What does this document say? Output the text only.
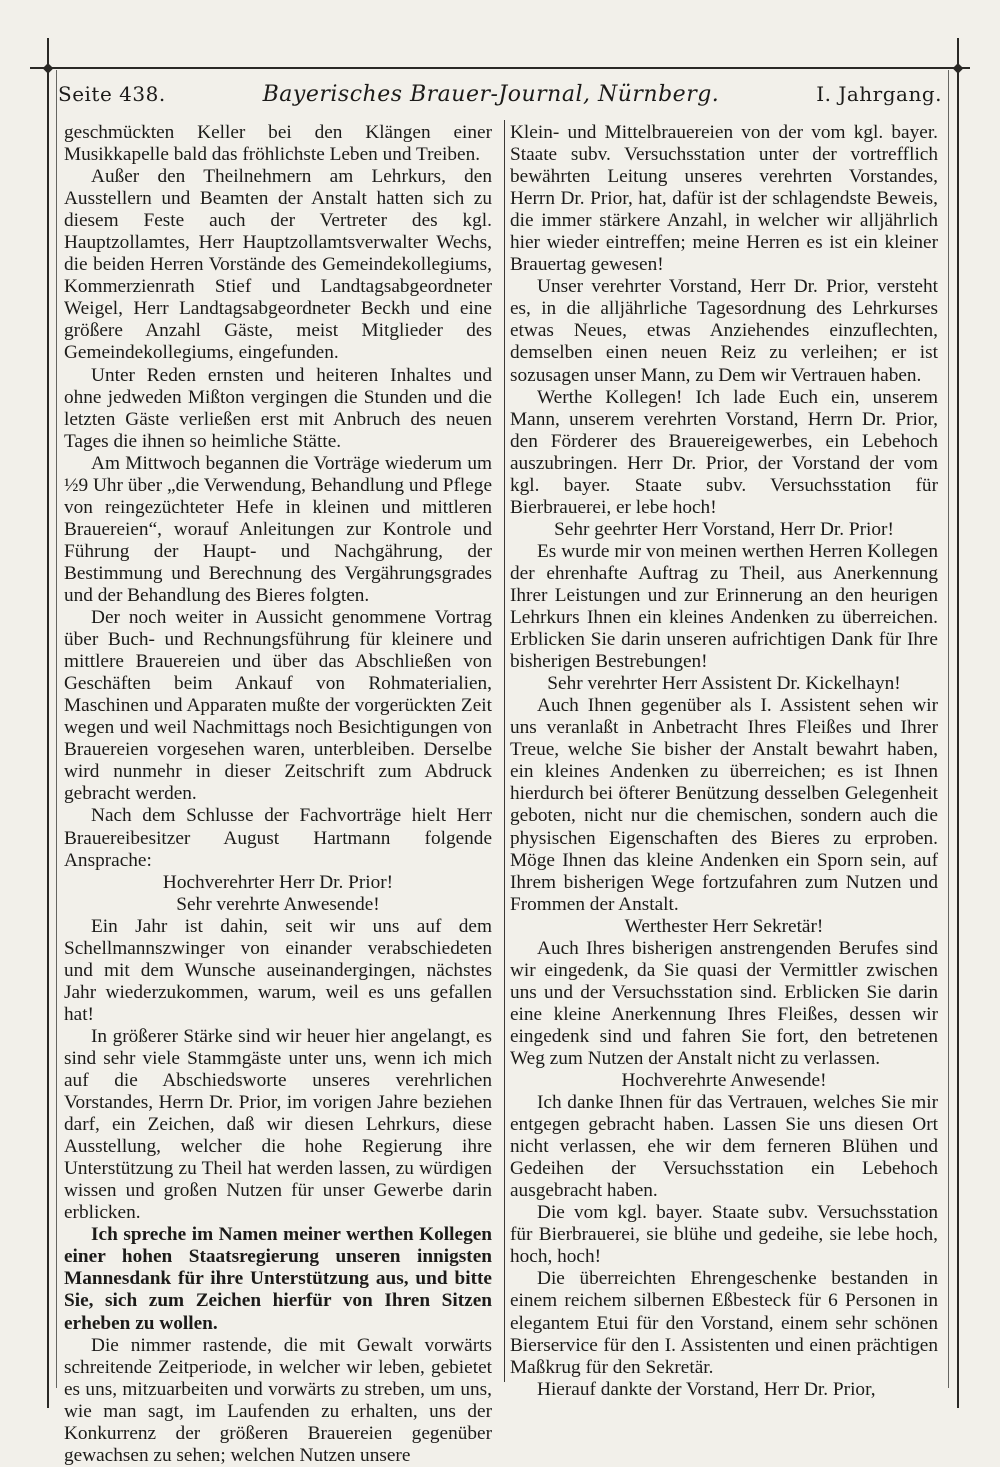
◆	◆
Seite 438.	Bayerisches Brauer-Journal, Nürnberg.	I. Jahrgang.

geschmückten Keller bei den Klängen einer Musikkapelle bald das fröhlichste Leben und Treiben.

Außer den Theilnehmern am Lehrkurs, den Ausstellern und Beamten der Anstalt hatten sich zu diesem Feste auch der Vertreter des kgl. Hauptzollamtes, Herr Hauptzollamtsverwalter Wechs, die beiden Herren Vorstände des Gemeindekollegiums, Kommerzienrath Stief und Landtagsabgeordneter Weigel, Herr Landtagsabgeordneter Beckh und eine größere Anzahl Gäste, meist Mitglieder des Gemeindekollegiums, eingefunden.

Unter Reden ernsten und heiteren Inhaltes und ohne jedweden Mißton vergingen die Stunden und die letzten Gäste verließen erst mit Anbruch des neuen Tages die ihnen so heimliche Stätte.

Am Mittwoch begannen die Vorträge wiederum um ½9 Uhr über „die Verwendung, Behandlung und Pflege von reingezüchteter Hefe in kleinen und mittleren Brauereien“, worauf Anleitungen zur Kontrole und Führung der Haupt- und Nachgährung, der Bestimmung und Berechnung des Vergährungsgrades und der Behandlung des Bieres folgten.

Der noch weiter in Aussicht genommene Vortrag über Buch- und Rechnungsführung für kleinere und mittlere Brauereien und über das Abschließen von Geschäften beim Ankauf von Rohmaterialien, Maschinen und Apparaten mußte der vorgerückten Zeit wegen und weil Nachmittags noch Besichtigungen von Brauereien vorgesehen waren, unterbleiben. Derselbe wird nunmehr in dieser Zeitschrift zum Abdruck gebracht werden.

Nach dem Schlusse der Fachvorträge hielt Herr Brauereibesitzer August Hartmann folgende Ansprache:

Hochverehrter Herr Dr. Prior!

Sehr verehrte Anwesende!

Ein Jahr ist dahin, seit wir uns auf dem Schellmannszwinger von einander verabschiedeten und mit dem Wunsche auseinandergingen, nächstes Jahr wiederzukommen, warum, weil es uns gefallen hat!

In größerer Stärke sind wir heuer hier angelangt, es sind sehr viele Stammgäste unter uns, wenn ich mich auf die Abschiedsworte unseres verehrlichen Vorstandes, Herrn Dr. Prior, im vorigen Jahre beziehen darf, ein Zeichen, daß wir diesen Lehrkurs, diese Ausstellung, welcher die hohe Regierung ihre Unterstützung zu Theil hat werden lassen, zu würdigen wissen und großen Nutzen für unser Gewerbe darin erblicken.

Ich spreche im Namen meiner werthen Kollegen einer hohen Staatsregierung unseren innigsten Mannesdank für ihre Unterstützung aus, und bitte Sie, sich zum Zeichen hierfür von Ihren Sitzen erheben zu wollen.

Die nimmer rastende, die mit Gewalt vorwärts schreitende Zeitperiode, in welcher wir leben, gebietet es uns, mitzuarbeiten und vorwärts zu streben, um uns, wie man sagt, im Laufenden zu erhalten, uns der Konkurrenz der größeren Brauereien gegenüber gewachsen zu sehen; welchen Nutzen unsere

Klein- und Mittelbrauereien von der vom kgl. bayer. Staate subv. Versuchsstation unter der vortrefflich bewährten Leitung unseres verehrten Vorstandes, Herrn Dr. Prior, hat, dafür ist der schlagendste Beweis, die immer stärkere Anzahl, in welcher wir alljährlich hier wieder eintreffen; meine Herren es ist ein kleiner Brauertag gewesen!

Unser verehrter Vorstand, Herr Dr. Prior, versteht es, in die alljährliche Tagesordnung des Lehrkurses etwas Neues, etwas Anziehendes einzuflechten, demselben einen neuen Reiz zu verleihen; er ist sozusagen unser Mann, zu Dem wir Vertrauen haben.

Werthe Kollegen! Ich lade Euch ein, unserem Mann, unserem verehrten Vorstand, Herrn Dr. Prior, den Förderer des Brauereigewerbes, ein Lebehoch auszubringen. Herr Dr. Prior, der Vorstand der vom kgl. bayer. Staate subv. Versuchsstation für Bierbrauerei, er lebe hoch!

Sehr geehrter Herr Vorstand, Herr Dr. Prior!

Es wurde mir von meinen werthen Herren Kollegen der ehrenhafte Auftrag zu Theil, aus Anerkennung Ihrer Leistungen und zur Erinnerung an den heurigen Lehrkurs Ihnen ein kleines Andenken zu überreichen. Erblicken Sie darin unseren aufrichtigen Dank für Ihre bisherigen Bestrebungen!

Sehr verehrter Herr Assistent Dr. Kickelhayn!

Auch Ihnen gegenüber als I. Assistent sehen wir uns veranlaßt in Anbetracht Ihres Fleißes und Ihrer Treue, welche Sie bisher der Anstalt bewahrt haben, ein kleines Andenken zu überreichen; es ist Ihnen hierdurch bei öfterer Benützung desselben Gelegenheit geboten, nicht nur die chemischen, sondern auch die physischen Eigenschaften des Bieres zu erproben. Möge Ihnen das kleine Andenken ein Sporn sein, auf Ihrem bisherigen Wege fortzufahren zum Nutzen und Frommen der Anstalt.

Werthester Herr Sekretär!

Auch Ihres bisherigen anstrengenden Berufes sind wir eingedenk, da Sie quasi der Vermittler zwischen uns und der Versuchsstation sind. Erblicken Sie darin eine kleine Anerkennung Ihres Fleißes, dessen wir eingedenk sind und fahren Sie fort, den betretenen Weg zum Nutzen der Anstalt nicht zu verlassen.

Hochverehrte Anwesende!

Ich danke Ihnen für das Vertrauen, welches Sie mir entgegen gebracht haben. Lassen Sie uns diesen Ort nicht verlassen, ehe wir dem ferneren Blühen und Gedeihen der Versuchsstation ein Lebehoch ausgebracht haben.

Die vom kgl. bayer. Staate subv. Versuchsstation für Bierbrauerei, sie blühe und gedeihe, sie lebe hoch, hoch, hoch!

Die überreichten Ehrengeschenke bestanden in einem reichem silbernen Eßbesteck für 6 Personen in elegantem Etui für den Vorstand, einem sehr schönen Bierservice für den I. Assistenten und einen prächtigen Maßkrug für den Sekretär.

Hierauf dankte der Vorstand, Herr Dr. Prior,
